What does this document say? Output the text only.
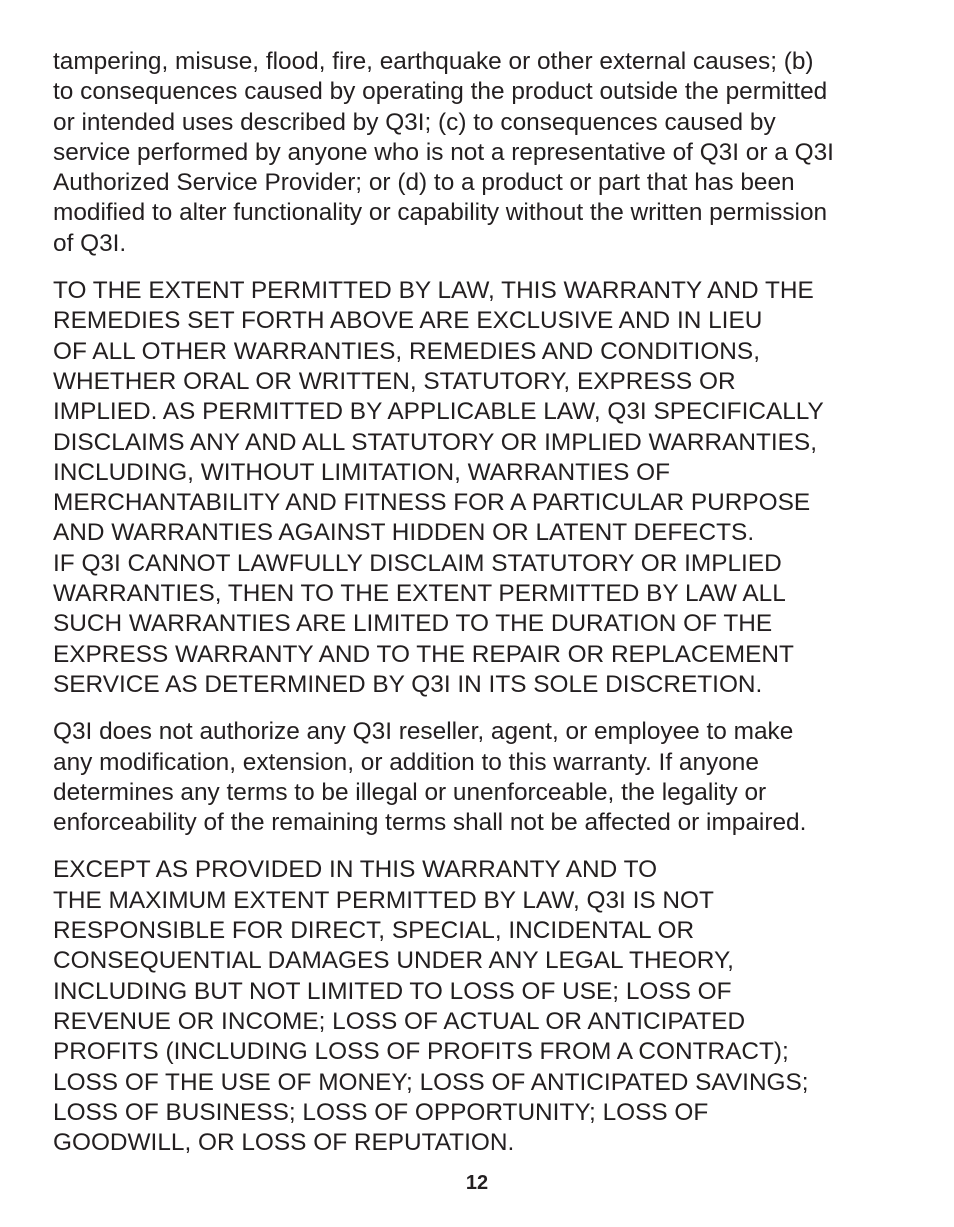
tampering, misuse, flood, fire, earthquake or other external causes; (b)
to consequences caused by operating the product outside the permitted
or intended uses described by Q3I; (c) to consequences caused by
service performed by anyone who is not a representative of Q3I or a Q3I
Authorized Service Provider; or (d) to a product or part that has been
modified to alter functionality or capability without the written permission
of Q3I.

TO THE EXTENT PERMITTED BY LAW, THIS WARRANTY AND THE
REMEDIES SET FORTH ABOVE ARE EXCLUSIVE AND IN LIEU
OF ALL OTHER WARRANTIES, REMEDIES AND CONDITIONS,
WHETHER ORAL OR WRITTEN, STATUTORY, EXPRESS OR
IMPLIED. AS PERMITTED BY APPLICABLE LAW, Q3I SPECIFICALLY
DISCLAIMS ANY AND ALL STATUTORY OR IMPLIED WARRANTIES,
INCLUDING, WITHOUT LIMITATION, WARRANTIES OF
MERCHANTABILITY AND FITNESS FOR A PARTICULAR PURPOSE
AND WARRANTIES AGAINST HIDDEN OR LATENT DEFECTS.
IF Q3I CANNOT LAWFULLY DISCLAIM STATUTORY OR IMPLIED
WARRANTIES, THEN TO THE EXTENT PERMITTED BY LAW ALL
SUCH WARRANTIES ARE LIMITED TO THE DURATION OF THE
EXPRESS WARRANTY AND TO THE REPAIR OR REPLACEMENT
SERVICE AS DETERMINED BY Q3I IN ITS SOLE DISCRETION.

Q3I does not authorize any Q3I reseller, agent, or employee to make
any modification, extension, or addition to this warranty. If anyone
determines any terms to be illegal or unenforceable, the legality or
enforceability of the remaining terms shall not be affected or impaired.

EXCEPT AS PROVIDED IN THIS WARRANTY AND TO
THE MAXIMUM EXTENT PERMITTED BY LAW, Q3I IS NOT
RESPONSIBLE FOR DIRECT, SPECIAL, INCIDENTAL OR
CONSEQUENTIAL DAMAGES UNDER ANY LEGAL THEORY,
INCLUDING BUT NOT LIMITED TO LOSS OF USE; LOSS OF
REVENUE OR INCOME; LOSS OF ACTUAL OR ANTICIPATED
PROFITS (INCLUDING LOSS OF PROFITS FROM A CONTRACT);
LOSS OF THE USE OF MONEY; LOSS OF ANTICIPATED SAVINGS;
LOSS OF BUSINESS; LOSS OF OPPORTUNITY; LOSS OF
GOODWILL, OR LOSS OF REPUTATION.

12
